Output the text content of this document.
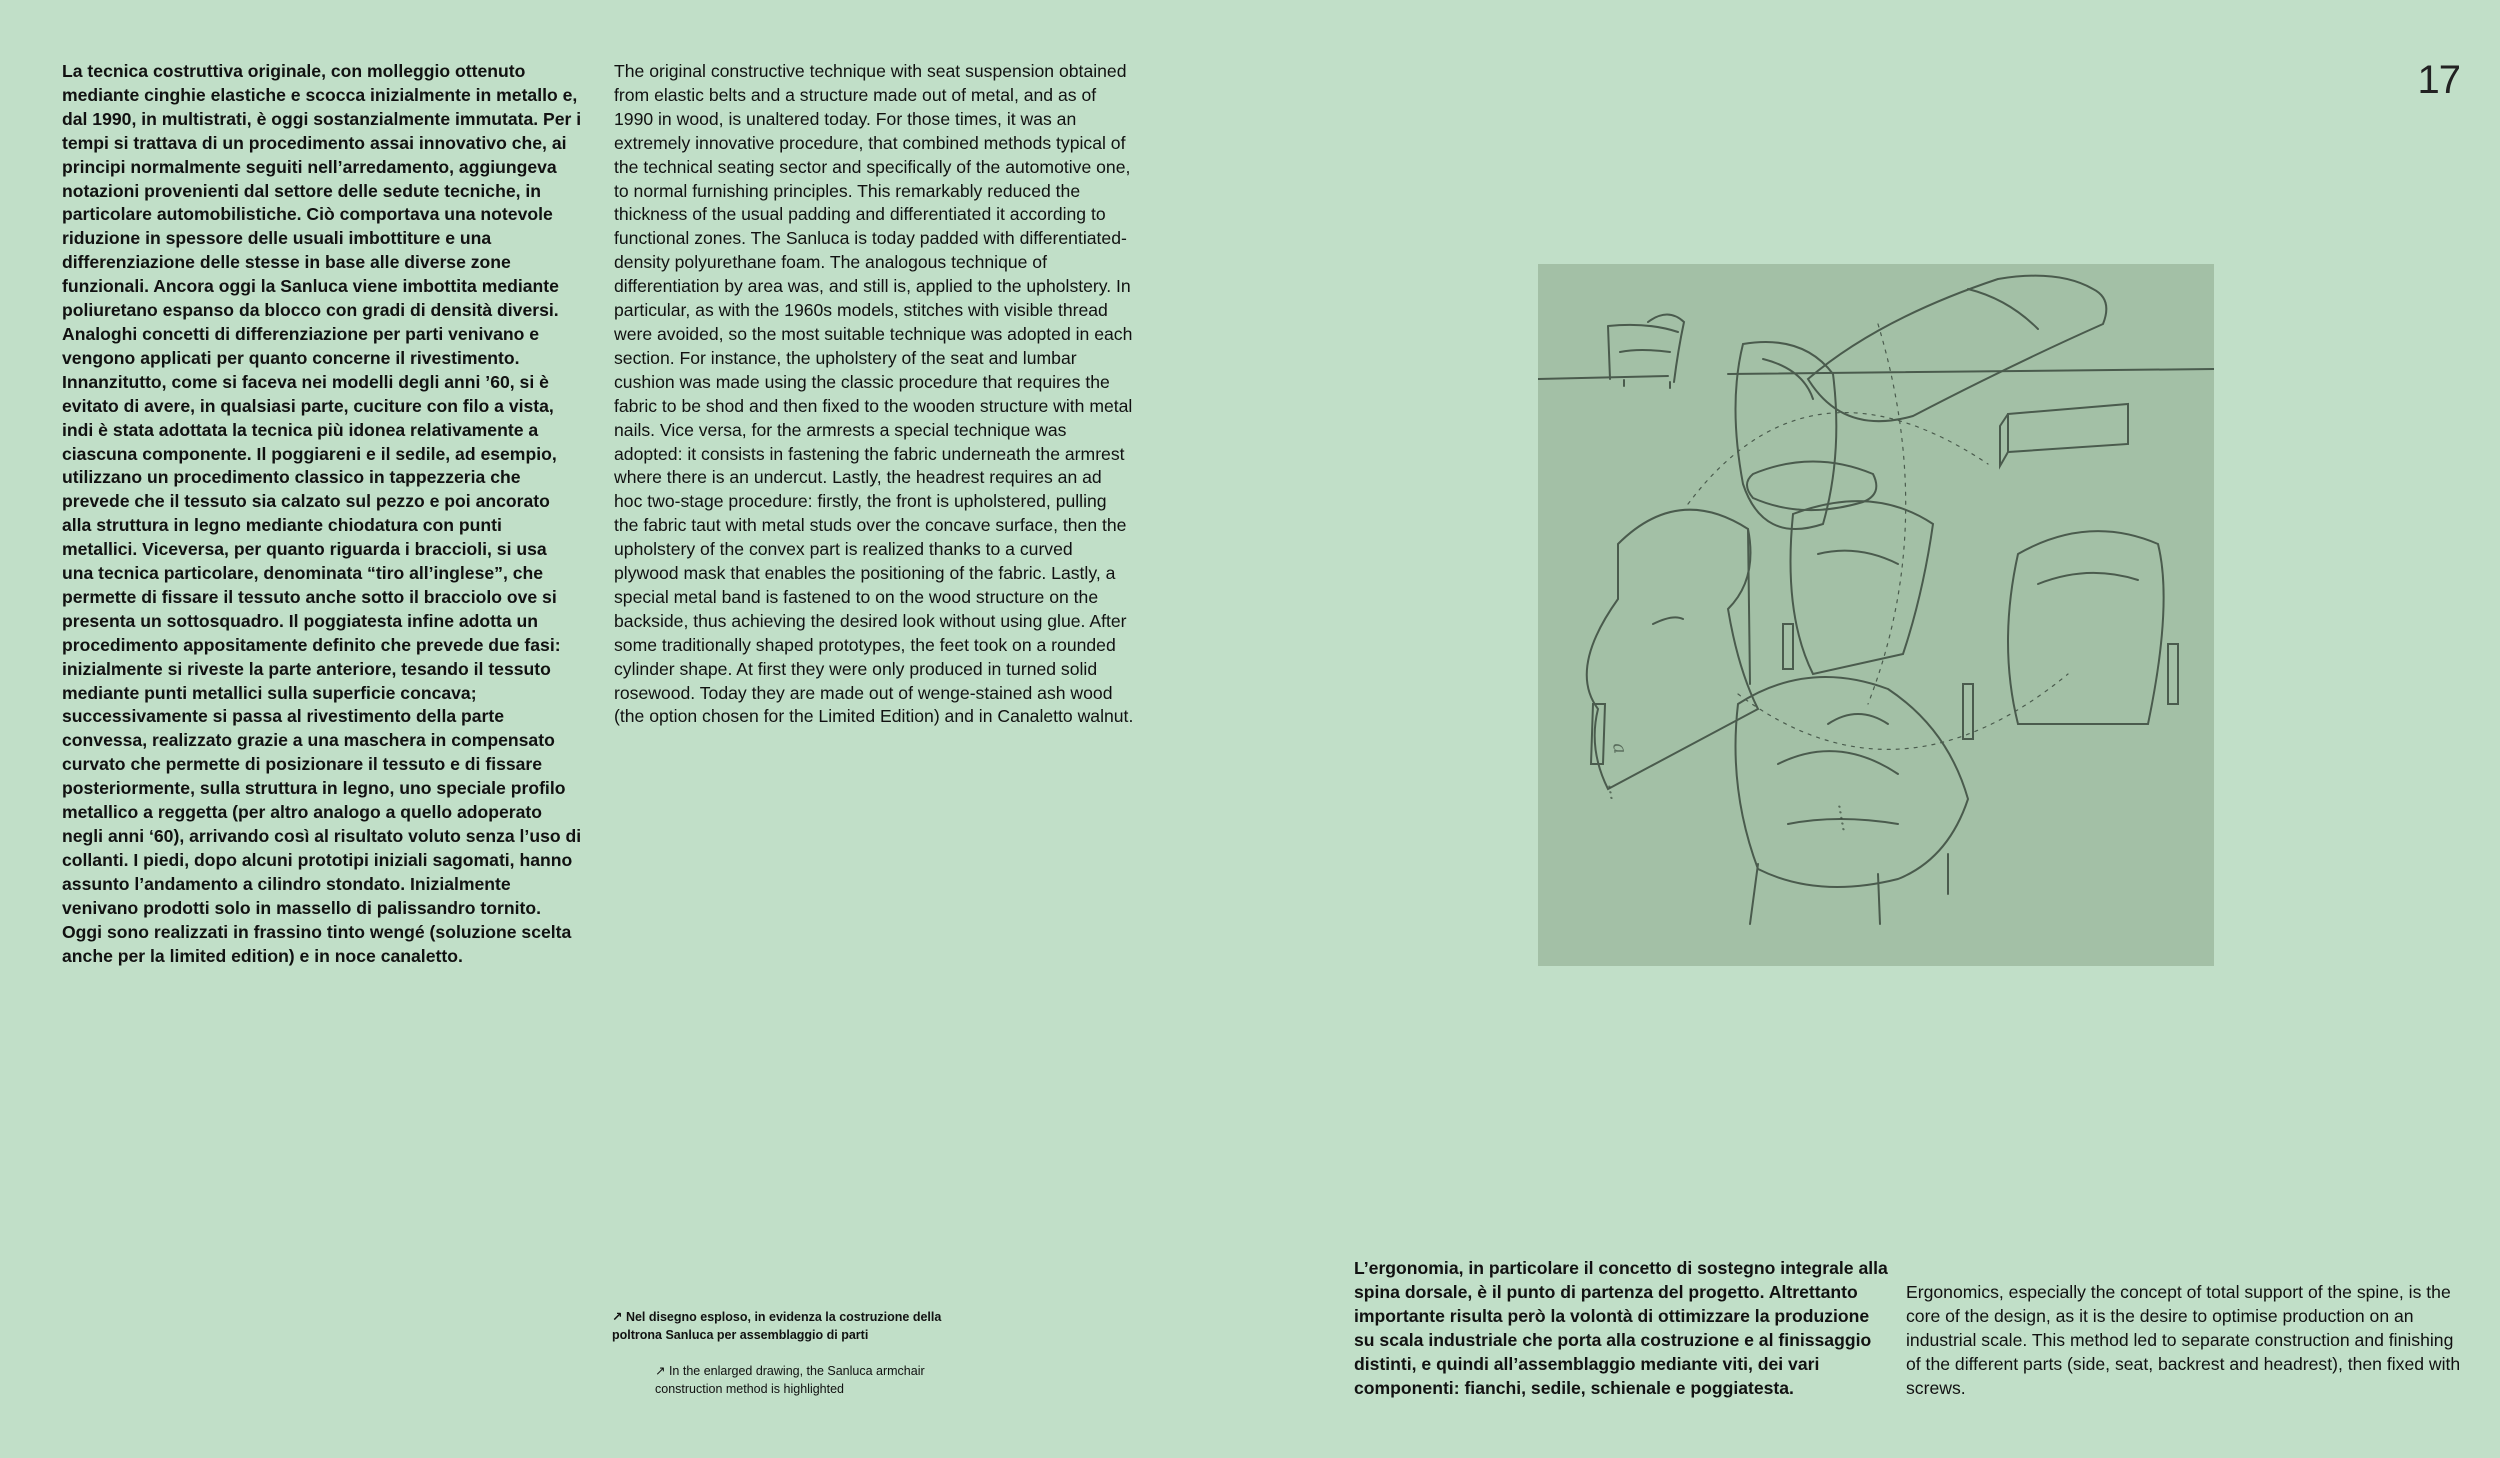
17

La tecnica costruttiva originale, con molleggio ottenuto mediante cinghie elastiche e scocca inizialmente in metallo e, dal 1990, in multistrati, è oggi sostanzialmente immutata. Per i tempi si trattava di un procedimento assai innovativo che, ai principi normalmente seguiti nell’arredamento, aggiungeva notazioni provenienti dal settore delle sedute tecniche, in particolare automobilistiche. Ciò comportava una notevole riduzione in spessore delle usuali imbottiture e una differenziazione delle stesse in base alle diverse zone funzionali. Ancora oggi la Sanluca viene imbottita mediante poliuretano espanso da blocco con gradi di densità diversi. Analoghi concetti di differenziazione per parti venivano e vengono applicati per quanto concerne il rivestimento. Innanzitutto, come si faceva nei modelli degli anni ’60, si è evitato di avere, in qualsiasi parte, cuciture con filo a vista, indi è stata adottata la tecnica più idonea relativamente a ciascuna componente. Il poggiareni e il sedile, ad esempio, utilizzano un procedimento classico in tappezzeria che prevede che il tessuto sia calzato sul pezzo e poi ancorato alla struttura in legno mediante chiodatura con punti metallici. Viceversa, per quanto riguarda i braccioli, si usa una tecnica particolare, denominata “tiro all’inglese”, che permette di fissare il tessuto anche sotto il bracciolo ove si presenta un sottosquadro. Il poggiatesta infine adotta un procedimento appositamente definito che prevede due fasi: inizialmente si riveste la parte anteriore, tesando il tessuto mediante punti metallici sulla superficie concava; successivamente si passa al rivestimento della parte convessa, realizzato grazie a una maschera in compensato curvato che permette di posizionare il tessuto e di fissare posteriormente, sulla struttura in legno, uno speciale profilo metallico a reggetta (per altro analogo a quello adoperato negli anni ‘60), arrivando così al risultato voluto senza l’uso di collanti. I piedi, dopo alcuni prototipi iniziali sagomati, hanno assunto l’andamento a cilindro stondato. Inizialmente venivano prodotti solo in massello di palissandro tornito. Oggi sono realizzati in frassino tinto wengé (soluzione scelta anche per la limited edition) e in noce canaletto.

The original constructive technique with seat suspension obtained from elastic belts and a structure made out of metal, and as of 1990 in wood, is unaltered today. For those times, it was an extremely innovative procedure, that combined methods typical of the technical seating sector and specifically of the automotive one, to normal furnishing principles. This remarkably reduced the thickness of the usual padding and differentiated it according to functional zones. The Sanluca is today padded with differentiated-density polyurethane foam. The analogous technique of differentiation by area was, and still is, applied to the upholstery. In particular, as with the 1960s models, stitches with visible thread were avoided, so the most suitable technique was adopted in each section. For instance, the upholstery of the seat and lumbar cushion was made using the classic procedure that requires the fabric to be shod and then fixed to the wooden structure with metal nails. Vice versa, for the armrests a special technique was adopted: it consists in fastening the fabric underneath the armrest where there is an undercut. Lastly, the headrest requires an ad hoc two-stage procedure: firstly, the front is upholstered, pulling the fabric taut with metal studs over the concave surface, then the upholstery of the convex part is realized thanks to a curved plywood mask that enables the positioning of the fabric. Lastly, a special metal band is fastened to on the wood structure on the backside, thus achieving the desired look without using glue. After some traditionally shaped prototypes, the feet took on a rounded cylinder shape. At first they were only produced in turned solid rosewood. Today they are made out of wenge-stained ash wood (the option chosen for the Limited Edition) and in Canaletto walnut.

a
...
.....
↗ Nel disegno esploso, in evidenza la costruzione della poltrona Sanluca per assemblaggio di parti
↗ In the enlarged drawing, the Sanluca armchair construction method is highlighted

L’ergonomia, in particolare il concetto di sostegno integrale alla spina dorsale, è il punto di partenza del progetto. Altrettanto importante risulta però la volontà di ottimizzare la produzione su scala industriale che porta alla costruzione e al finissaggio distinti, e quindi all’assemblaggio mediante viti, dei vari componenti: fianchi, sedile, schienale e poggiatesta.

Ergonomics, especially the concept of total support of the spine, is the core of the design, as it is the desire to optimise production on an industrial scale. This method led to separate construction and finishing of the different parts (side, seat, backrest and headrest), then fixed with screws.
